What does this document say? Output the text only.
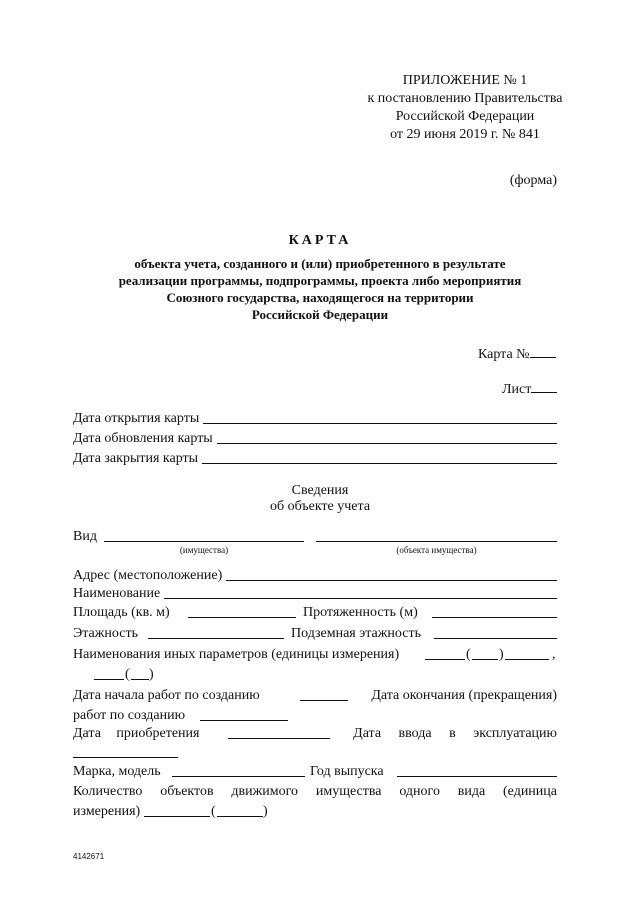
ПРИЛОЖЕНИЕ № 1
к постановлению Правительства
Российской Федерации
от 29 июня 2019 г. № 841
(форма)
КАРТА
объекта учета, созданного и (или) приобретенного в результате
реализации программы, подпрограммы, проекта либо мероприятия
Союзного государства, находящегося на территории
Российской Федерации
Карта №
Лист
Дата открытия карты
Дата обновления карты
Дата закрытия карты
Сведения
об объекте учета
Вид
(имущества)	(объекта имущества)
Адрес (местоположение)
Наименование
Площадь (кв. м)	Протяженность (м)
Этажность	Подземная этажность
Наименования иных параметров (единицы измерения)	( )	,
( )
Дата начала работ по созданию	Дата окончания (прекращения)
работ по созданию
Дата приобретения	Дата ввода в эксплуатацию
Марка, модель	Год выпуска
Количество объектов движимого имущества одного вида (единица
измерения)	(	)
4142671
